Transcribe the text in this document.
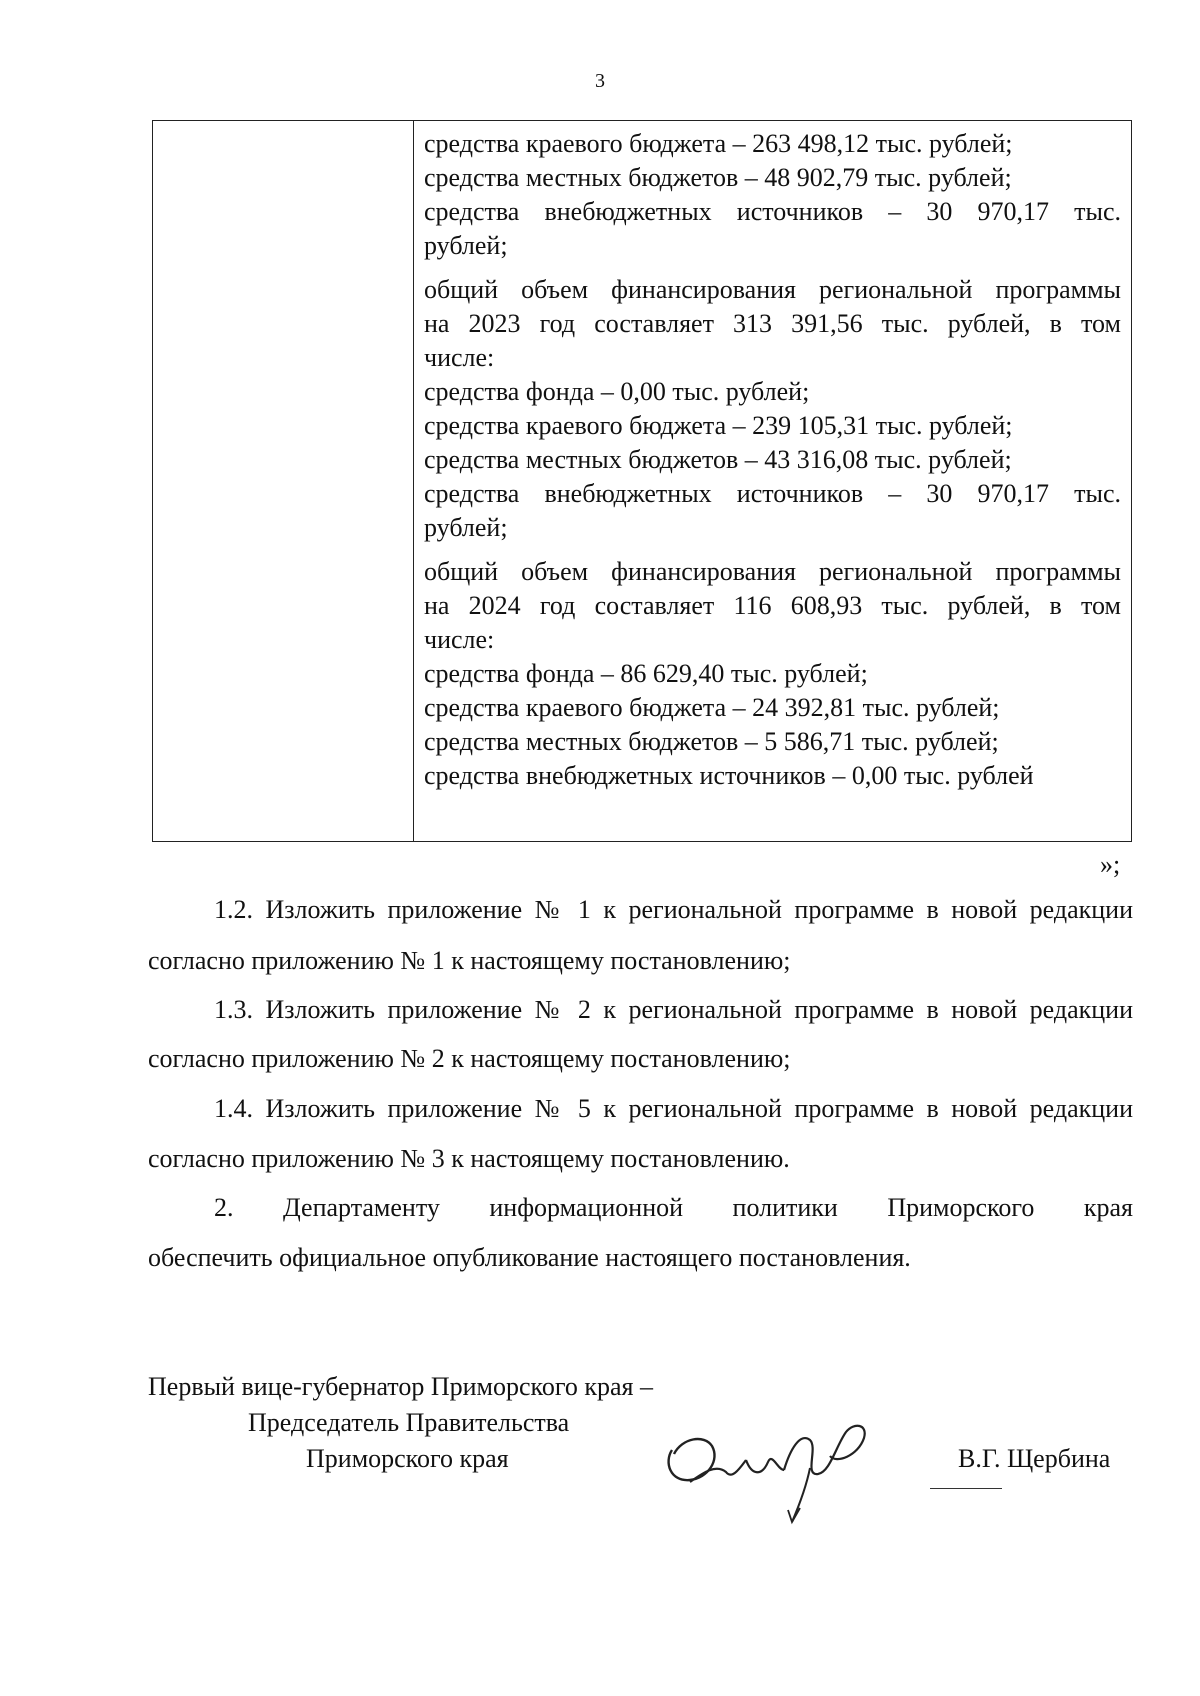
3
средства краевого бюджета – 263 498,12 тыс. рублей;
средства местных бюджетов – 48 902,79 тыс. рублей;
средства внебюджетных источников – 30 970,17 тыс.
рублей;
общий объем финансирования региональной программы
на 2023 год составляет 313 391,56 тыс. рублей, в том
числе:
средства фонда – 0,00 тыс. рублей;
средства краевого бюджета – 239 105,31 тыс. рублей;
средства местных бюджетов – 43 316,08 тыс. рублей;
средства внебюджетных источников – 30 970,17 тыс.
рублей;
общий объем финансирования региональной программы
на 2024 год составляет 116 608,93 тыс. рублей, в том
числе:
средства фонда – 86 629,40 тыс. рублей;
средства краевого бюджета – 24 392,81 тыс. рублей;
средства местных бюджетов – 5 586,71 тыс. рублей;
средства внебюджетных источников – 0,00 тыс. рублей
»;
1.2. Изложить приложение № 1 к региональной программе в новой редакции
согласно приложению № 1 к настоящему постановлению;
1.3. Изложить приложение № 2 к региональной программе в новой редакции
согласно приложению № 2 к настоящему постановлению;
1.4. Изложить приложение № 5 к региональной программе в новой редакции
согласно приложению № 3 к настоящему постановлению.
2. Департаменту информационной политики Приморского края
обеспечить официальное опубликование настоящего постановления.
Первый вице-губернатор Приморского края –
Председатель Правительства
Приморского края	В.Г. Щербина
